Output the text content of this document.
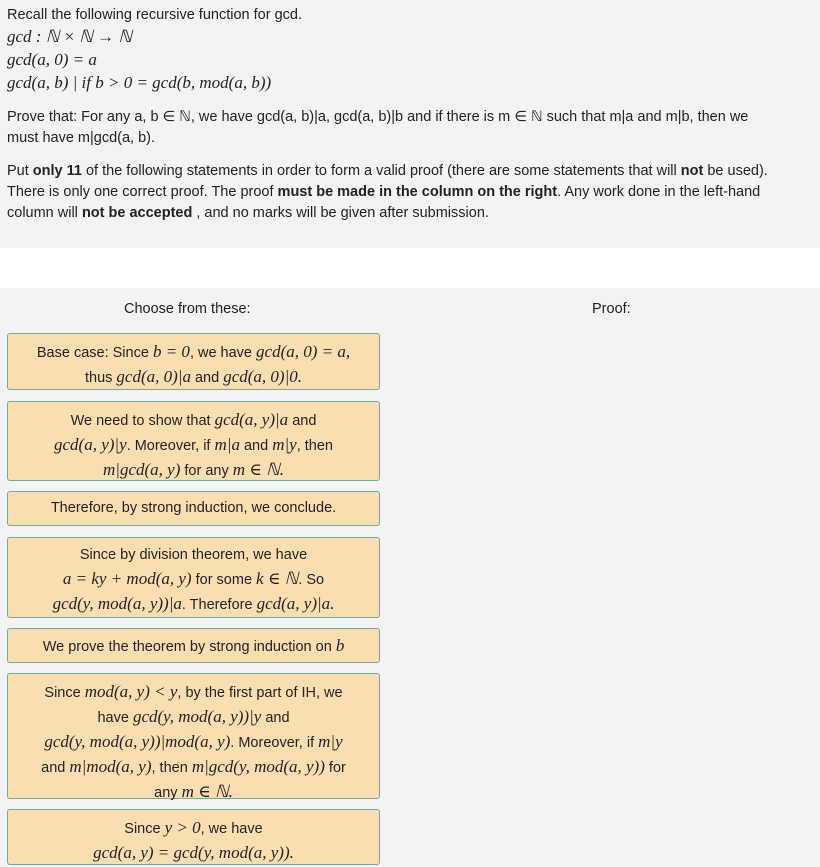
Recall the following recursive function for gcd.

gcd : ℕ × ℕ → ℕ

gcd(a, 0) = a

gcd(a, b) | if b > 0 = gcd(b, mod(a, b))

Prove that: For any a, b ∈ ℕ, we have gcd(a, b)|a, gcd(a, b)|b and if there is m ∈ ℕ such that m|a and m|b, then we
must have m|gcd(a, b).

Put only 11 of the following statements in order to form a valid proof (there are some statements that will not be used).
There is only one correct proof. The proof must be made in the column on the right. Any work done in the left-hand
column will not be accepted , and no marks will be given after submission.

Choose from these:	Proof:
Base case: Since b = 0, we have gcd(a, 0) = a,
thus gcd(a, 0)|a and gcd(a, 0)|0.
We need to show that gcd(a, y)|a and
gcd(a, y)|y. Moreover, if m|a and m|y, then
m|gcd(a, y) for any m ∈ ℕ.
Therefore, by strong induction, we conclude.
Since by division theorem, we have
a = ky + mod(a, y) for some k ∈ ℕ. So
gcd(y, mod(a, y))|a. Therefore gcd(a, y)|a.
We prove the theorem by strong induction on b
Since mod(a, y) < y, by the first part of IH, we
have gcd(y, mod(a, y))|y and
gcd(y, mod(a, y))|mod(a, y). Moreover, if m|y
and m|mod(a, y), then m|gcd(y, mod(a, y)) for
any m ∈ ℕ.
Since y > 0, we have
gcd(a, y) = gcd(y, mod(a, y)).
